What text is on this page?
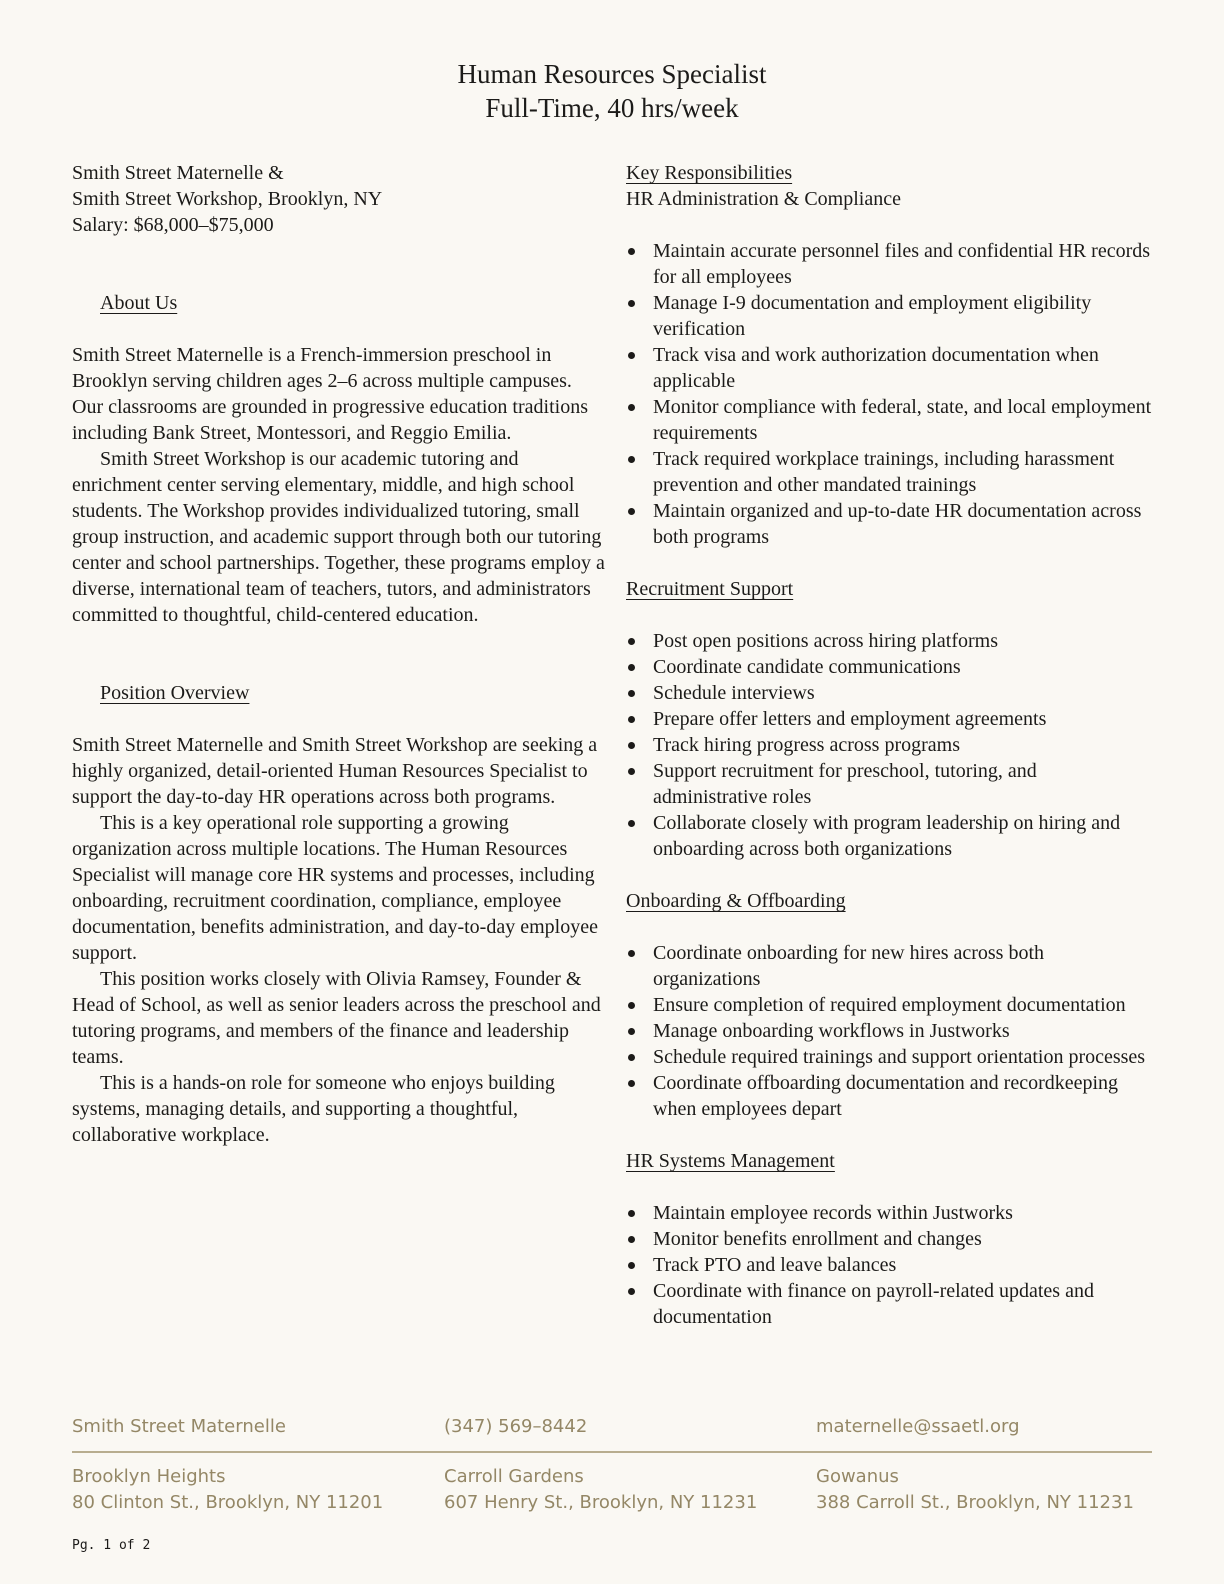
Human Resources Specialist
Full-Time, 40 hrs/week
Smith Street Maternelle &
Smith Street Workshop, Brooklyn, NY
Salary: $68,000–$75,000
About Us

Smith Street Maternelle is a French-immersion preschool in Brooklyn serving children ages 2–6 across multiple campuses. Our classrooms are grounded in progressive education traditions including Bank Street, Montessori, and Reggio Emilia.

Smith Street Workshop is our academic tutoring and enrichment center serving elementary, middle, and high school students. The Workshop provides individualized tutoring, small group instruction, and academic support through both our tutoring center and school partnerships. Together, these programs employ a diverse, international team of teachers, tutors, and administrators committed to thoughtful, child-centered education.

Position Overview

Smith Street Maternelle and Smith Street Workshop are seeking a highly organized, detail-oriented Human Resources Specialist to support the day-to-day HR operations across both programs.

This is a key operational role supporting a growing organization across multiple locations. The Human Resources Specialist will manage core HR systems and processes, including onboarding, recruitment coordination, compliance, employee documentation, benefits administration, and day-to-day employee support.

This position works closely with Olivia Ramsey, Founder & Head of School, as well as senior leaders across the preschool and tutoring programs, and members of the finance and leadership teams.

This is a hands-on role for someone who enjoys building systems, managing details, and supporting a thoughtful, collaborative workplace.

Key Responsibilities
HR Administration & Compliance
Maintain accurate personnel files and confidential HR records for all employees
Manage I-9 documentation and employment eligibility verification
Track visa and work authorization documentation when applicable
Monitor compliance with federal, state, and local employment requirements
Track required workplace trainings, including harassment prevention and other mandated trainings
Maintain organized and up-to-date HR documentation across both programs
Recruitment Support
Post open positions across hiring platforms
Coordinate candidate communications
Schedule interviews
Prepare offer letters and employment agreements
Track hiring progress across programs
Support recruitment for preschool, tutoring, and administrative roles
Collaborate closely with program leadership on hiring and onboarding across both organizations
Onboarding & Offboarding
Coordinate onboarding for new hires across both organizations
Ensure completion of required employment documentation
Manage onboarding workflows in Justworks
Schedule required trainings and support orientation processes
Coordinate offboarding documentation and recordkeeping when employees depart
HR Systems Management
Maintain employee records within Justworks
Monitor benefits enrollment and changes
Track PTO and leave balances
Coordinate with finance on payroll-related updates and documentation
Smith Street Maternelle	(347) 569–8442	maternelle@ssaetl.org
Brooklyn Heights
80 Clinton St., Brooklyn, NY 11201
Carroll Gardens
607 Henry St., Brooklyn, NY 11231
Gowanus
388 Carroll St., Brooklyn, NY 11231
Pg. 1 of 2
